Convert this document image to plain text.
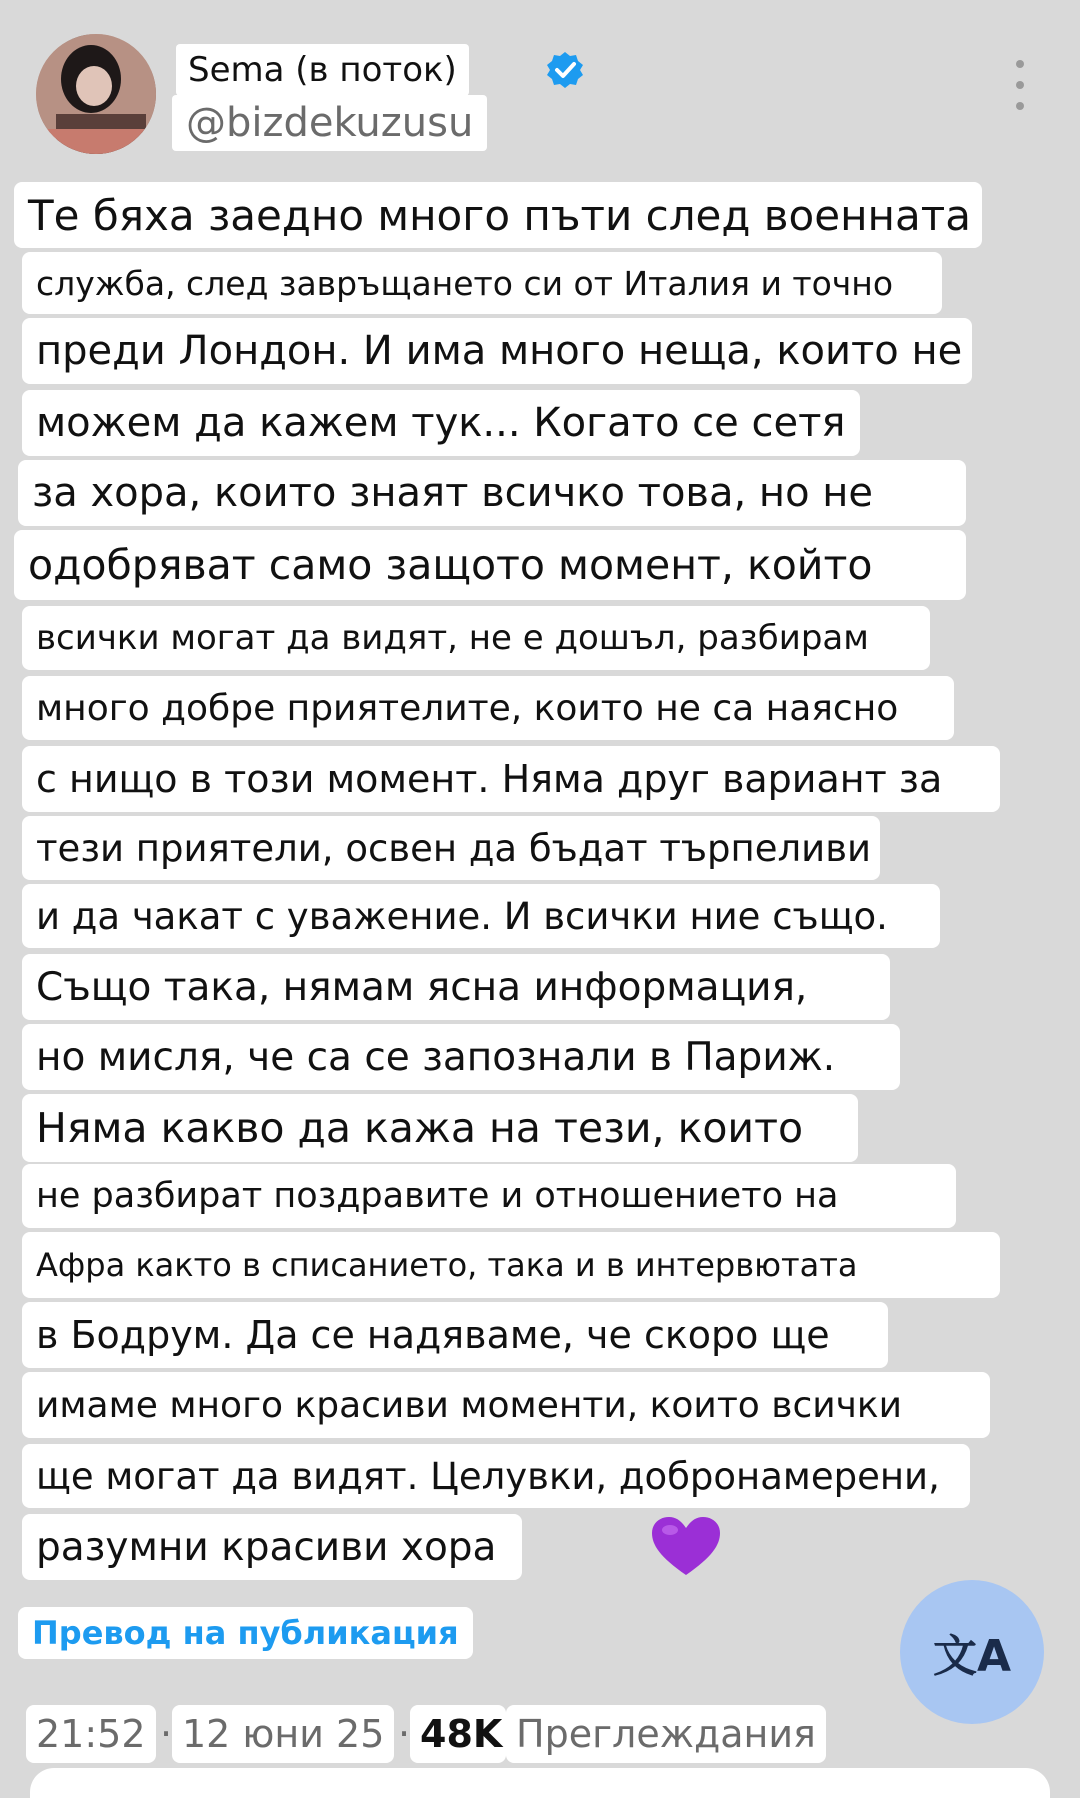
Sema (в поток)
@bizdekuzusu
Те бяха заедно много пъти след военната
служба, след завръщането си от Италия и точно
преди Лондон. И има много неща, които не
можем да кажем тук... Когато се сетя
за хора, които знаят всичко това, но не
одобряват само защото момент, който
всички могат да видят, не е дошъл, разбирам
много добре приятелите, които не са наясно
с нищо в този момент. Няма друг вариант за
тези приятели, освен да бъдат търпеливи
и да чакат с уважение. И всички ние също.
Също така, нямам ясна информация,
но мисля, че са се запознали в Париж.
Няма какво да кажа на тези, които
не разбират поздравите и отношението на
Афра както в списанието, така и в интервютата
в Бодрум. Да се надяваме, че скоро ще
имаме много красиви моменти, които всички
ще могат да видят. Целувки, добронамерени,
разумни красиви хора
Превод на публикация	文A
21:52 · 12 юни 25 · 48K Преглеждания
